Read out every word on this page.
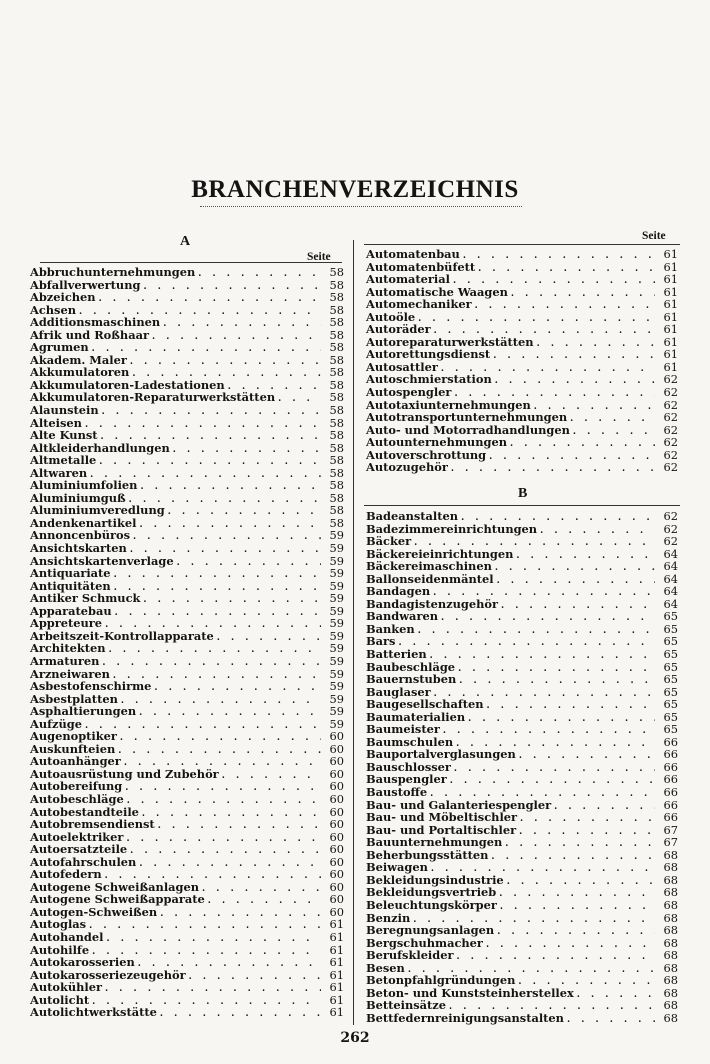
BRANCHENVERZEICHNIS
A
Seite
Seite
Abbruchunternehmungen . . .	58
Abfallverwertung . . .	58
Abzeichen . . .	58
Achsen . . .	58
Additionsmaschinen . . .	58
Afrik und Roßhaar . . .	58
Agrumen . . .	58
Akadem. Maler . . .	58
Akkumulatoren . . .	58
Akkumulatoren-Ladestationen . . .	58
Akkumulatoren-Reparaturwerkstätten . . .	58
Alaunstein . . .	58
Alteisen . . .	58
Alte Kunst . . .	58
Altkleiderhandlungen . . .	58
Altmetalle . . .	58
Altwaren . . .	58
Aluminiumfolien . . .	58
Aluminiumguß . . .	58
Aluminiumveredlung . . .	58
Andenkenartikel . . .	58
Annoncenbüros . . .	59
Ansichtskarten . . .	59
Ansichtskartenverlage . . .	59
Antiquariate . . .	59
Antiquitäten . . .	59
Antiker Schmuck . . .	59
Apparatebau . . .	59
Appreteure . . .	59
Arbeitszeit-Kontrollapparate . . .	59
Architekten . . .	59
Armaturen . . .	59
Arzneiwaren . . .	59
Asbestofenschirme . . .	59
Asbestplatten . . .	59
Asphaltierungen . . .	59
Aufzüge . . .	59
Augenoptiker . . .	60
Auskunfteien . . .	60
Autoanhänger . . .	60
Autoausrüstung und Zubehör . . .	60
Autobereifung . . .	60
Autobeschläge . . .	60
Autobestandteile . . .	60
Autobremsendienst . . .	60
Autoelektriker . . .	60
Autoersatzteile . . .	60
Autofahrschulen . . .	60
Autofedern . . .	60
Autogene Schweißanlagen . . .	60
Autogene Schweißapparate . . .	60
Autogen-Schweißen . . .	60
Autoglas . . .	61
Autohandel . . .	61
Autohilfe . . .	61
Autokarosserien . . .	61
Autokarosseriezeugehör . . .	61
Autokühler . . .	61
Autolicht . . .	61
Autolichtwerkstätte . . .	61
Automatenbau . . .	61
Automatenbüfett . . .	61
Automaterial . . .	61
Automatische Waagen . . .	61
Automechaniker . . .	61
Autoöle . . .	61
Autoräder . . .	61
Autoreparaturwerkstätten . . .	61
Autorettungsdienst . . .	61
Autosattler . . .	61
Autoschmierstation . . .	62
Autospengler . . .	62
Autotaxiunternehmungen . . .	62
Autotransportunternehmungen . . .	62
Auto- und Motorradhandlungen . . .	62
Autounternehmungen . . .	62
Autoverschrottung . . .	62
Autozugehör . . .	62
B
Badeanstalten . . .	62
Badezimmereinrichtungen . . .	62
Bäcker . . .	62
Bäckereieinrichtungen . . .	64
Bäckereimaschinen . . .	64
Ballonseidenmäntel . . .	64
Bandagen . . .	64
Bandagistenzugehör . . .	64
Bandwaren . . .	65
Banken . . .	65
Bars . . .	65
Batterien . . .	65
Baubeschläge . . .	65
Bauernstuben . . .	65
Bauglaser . . .	65
Baugesellschaften . . .	65
Baumaterialien . . .	65
Baumeister . . .	65
Baumschulen . . .	66
Bauportalverglasungen . . .	66
Bauschlosser . . .	66
Bauspengler . . .	66
Baustoffe . . .	66
Bau- und Galanteriespengler . . .	66
Bau- und Möbeltischler . . .	66
Bau- und Portaltischler . . .	67
Bauunternehmungen . . .	67
Beherbungsstätten . . .	68
Beiwagen . . .	68
Bekleidungsindustrie . . .	68
Bekleidungsvertrieb . . .	68
Beleuchtungskörper . . .	68
Benzin . . .	68
Beregnungsanlagen . . .	68
Bergschuhmacher . . .	68
Berufskleider . . .	68
Besen . . .	68
Betonpfahlgründungen . . .	68
Beton- und Kunststeinherstellex . . .	68
Betteinsätze . . .	68
Bettfedernreinigungsanstalten . . .	68
262
